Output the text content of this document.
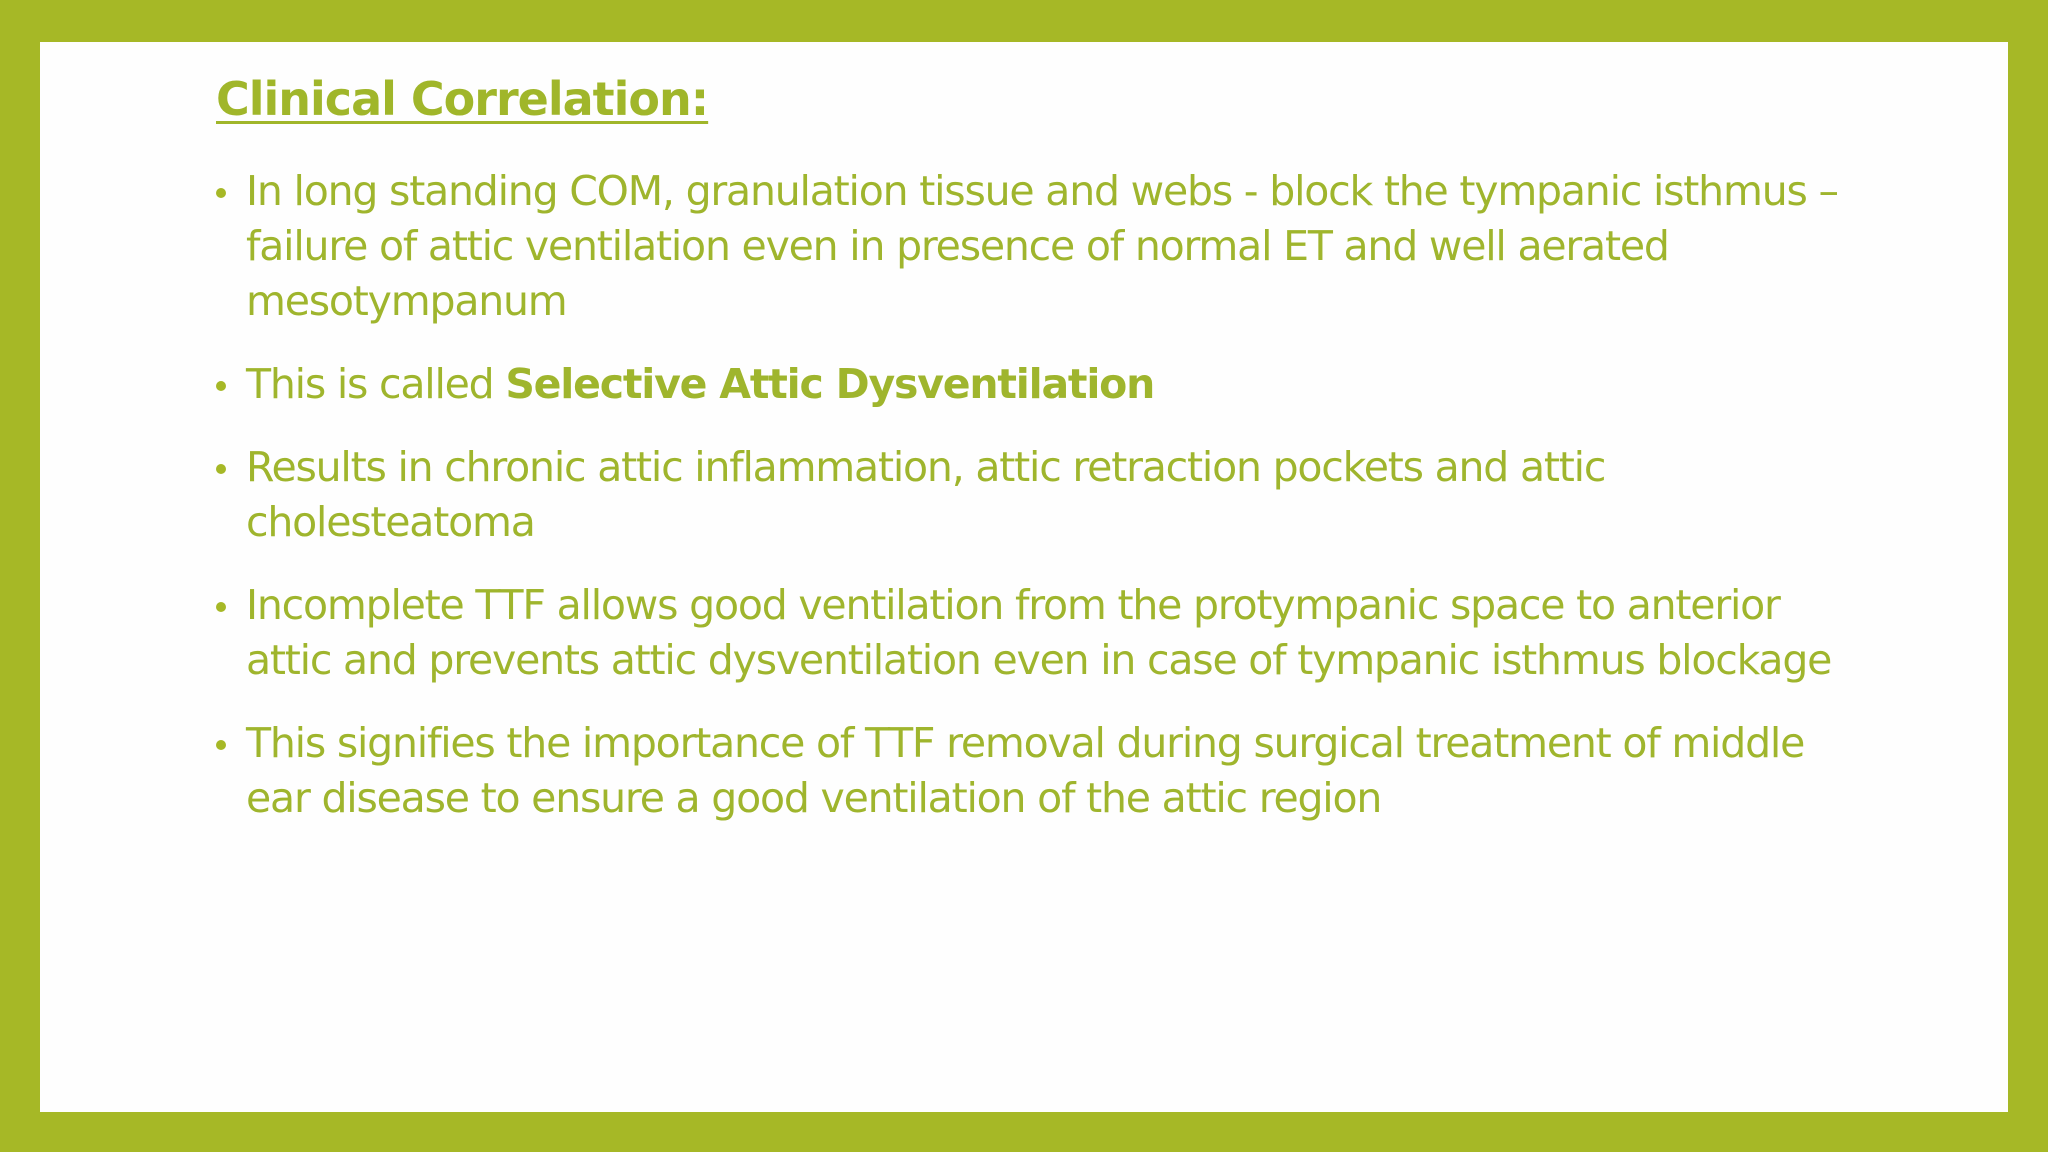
Clinical Correlation:
In long standing COM, granulation tissue and webs - block the tympanic isthmus – failure of attic ventilation even in presence of normal ET and well aerated mesotympanum
This is called Selective Attic Dysventilation
Results in chronic attic inflammation, attic retraction pockets and attic cholesteatoma
Incomplete TTF allows good ventilation from the protympanic space to anterior attic and prevents attic dysventilation even in case of tympanic isthmus blockage
This signifies the importance of TTF removal during surgical treatment of middle ear disease to ensure a good ventilation of the attic region
